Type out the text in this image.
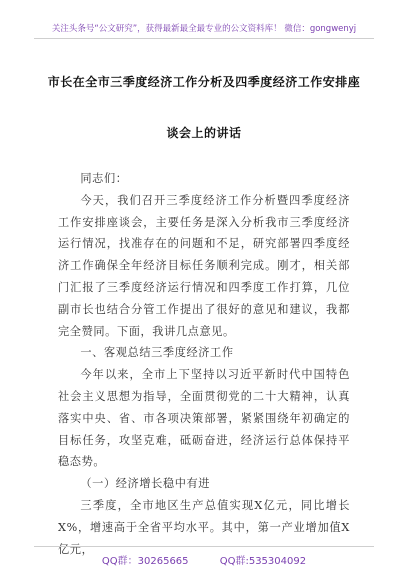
关注头条号“公文研究”，获得最新最全最专业的公文资料库！ 微信：gongwenyj
市长在全市三季度经济工作分析及四季度经济工作安排座
谈会上的讲话

同志们：

今天，我们召开三季度经济工作分析暨四季度经济工作安排座谈会，主要任务是深入分析我市三季度经济运行情况，找准存在的问题和不足，研究部署四季度经济工作确保全年经济目标任务顺利完成。刚才，相关部门汇报了三季度经济运行情况和四季度工作打算，几位副市长也结合分管工作提出了很好的意见和建议，我都完全赞同。下面，我讲几点意见。

一、客观总结三季度经济工作

今年以来，全市上下坚持以习近平新时代中国特色社会主义思想为指导，全面贯彻党的二十大精神，认真落实中央、省、市各项决策部署，紧紧围绕年初确定的目标任务，攻坚克难，砥砺奋进，经济运行总体保持平稳态势。

（一）经济增长稳中有进

三季度，全市地区生产总值实现X亿元，同比增长X%，增速高于全省平均水平。其中，第一产业增加值X亿元，

QQ群：30265665	QQ群:535304092
